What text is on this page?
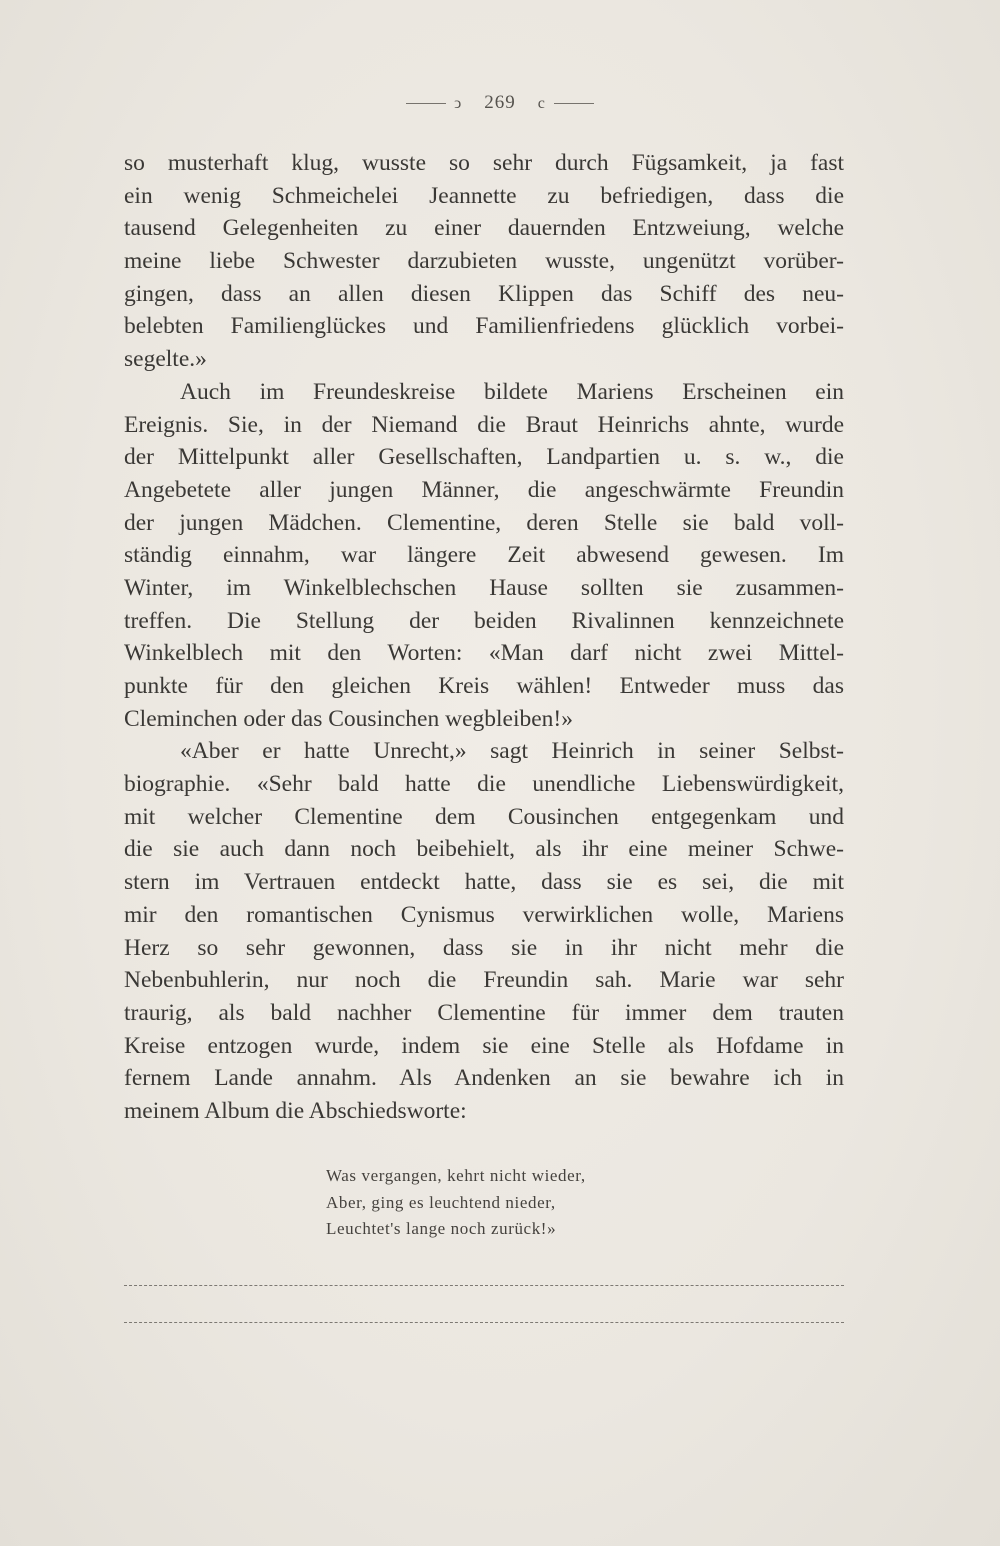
ↄ 269 c
so musterhaft klug, wusste so sehr durch Fügsamkeit, ja fast
ein wenig Schmeichelei Jeannette zu befriedigen, dass die
tausend Gelegenheiten zu einer dauernden Entzweiung, welche
meine liebe Schwester darzubieten wusste, ungenützt vorüber-
gingen, dass an allen diesen Klippen das Schiff des neu-
belebten Familienglückes und Familienfriedens glücklich vorbei-
segelte.»
Auch im Freundeskreise bildete Mariens Erscheinen ein
Ereignis. Sie, in der Niemand die Braut Heinrichs ahnte, wurde
der Mittelpunkt aller Gesellschaften, Landpartien u. s. w., die
Angebetete aller jungen Männer, die angeschwärmte Freundin
der jungen Mädchen. Clementine, deren Stelle sie bald voll-
ständig einnahm, war längere Zeit abwesend gewesen. Im
Winter, im Winkelblechschen Hause sollten sie zusammen-
treffen. Die Stellung der beiden Rivalinnen kennzeichnete
Winkelblech mit den Worten: «Man darf nicht zwei Mittel-
punkte für den gleichen Kreis wählen! Entweder muss das
Cleminchen oder das Cousinchen wegbleiben!»
«Aber er hatte Unrecht,» sagt Heinrich in seiner Selbst-
biographie. «Sehr bald hatte die unendliche Liebenswürdigkeit,
mit welcher Clementine dem Cousinchen entgegenkam und
die sie auch dann noch beibehielt, als ihr eine meiner Schwe-
stern im Vertrauen entdeckt hatte, dass sie es sei, die mit
mir den romantischen Cynismus verwirklichen wolle, Mariens
Herz so sehr gewonnen, dass sie in ihr nicht mehr die
Nebenbuhlerin, nur noch die Freundin sah. Marie war sehr
traurig, als bald nachher Clementine für immer dem trauten
Kreise entzogen wurde, indem sie eine Stelle als Hofdame in
fernem Lande annahm. Als Andenken an sie bewahre ich in
meinem Album die Abschiedsworte:
Was vergangen, kehrt nicht wieder,
Aber, ging es leuchtend nieder,
Leuchtet's lange noch zurück!»
